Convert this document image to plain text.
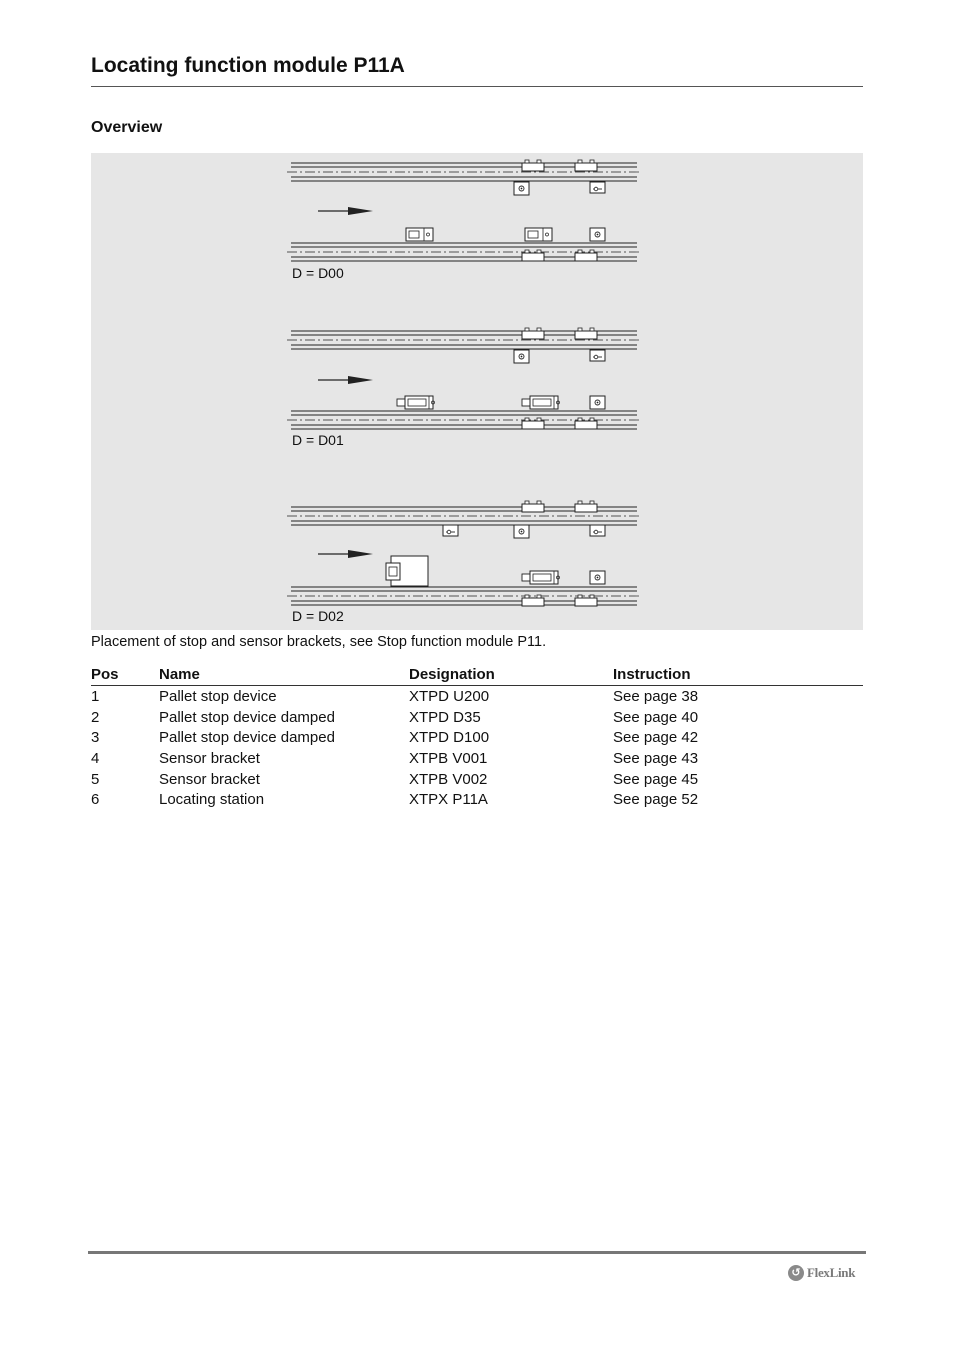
Locating function module P11A
Overview
D = D00
D = D01
D = D02
Placement of stop and sensor brackets, see Stop function module P11.
Pos	Name	Designation	Instruction
1	Pallet stop device	XTPD U200	See page 38
2	Pallet stop device damped	XTPD D35	See page 40
3	Pallet stop device damped	XTPD D100	See page 42
4	Sensor bracket	XTPB V001	See page 43
5	Sensor bracket	XTPB V002	See page 45
6	Locating station	XTPX P11A	See page 52
↺ FlexLink
